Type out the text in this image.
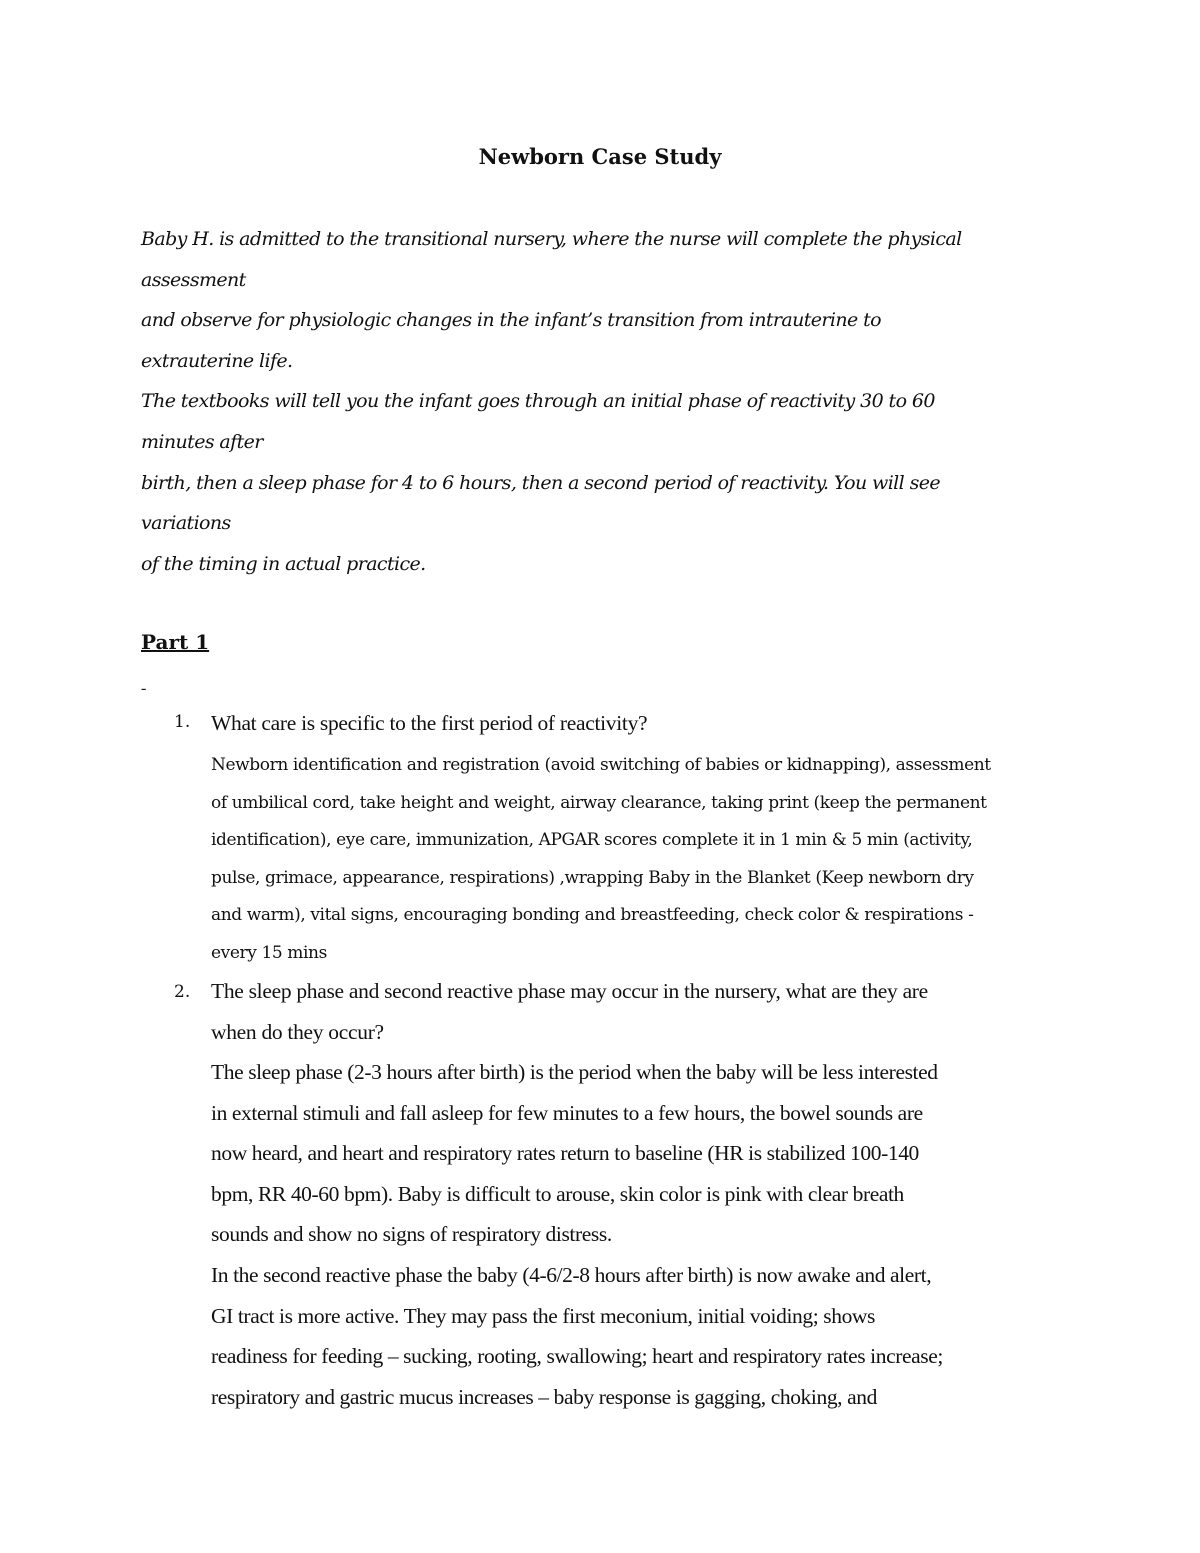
Newborn Case Study

Baby H. is admitted to the transitional nursery, where the nurse will complete the physical

assessment

and observe for physiologic changes in the infant’s transition from intrauterine to

extrauterine life.

The textbooks will tell you the infant goes through an initial phase of reactivity 30 to 60

minutes after

birth, then a sleep phase for 4 to 6 hours, then a second period of reactivity. You will see

variations

of the timing in actual practice.

Part 1
-
1. What care is specific to the first period of reactivity?
Newborn identification and registration (avoid switching of babies or kidnapping), assessment
of umbilical cord, take height and weight, airway clearance, taking print (keep the permanent
identification), eye care, immunization, APGAR scores complete it in 1 min & 5 min (activity,
pulse, grimace, appearance, respirations) ,wrapping Baby in the Blanket (Keep newborn dry
and warm), vital signs, encouraging bonding and breastfeeding, check color & respirations -
every 15 mins
2. The sleep phase and second reactive phase may occur in the nursery, what are they are
when do they occur?
The sleep phase (2-3 hours after birth) is the period when the baby will be less interested
in external stimuli and fall asleep for few minutes to a few hours, the bowel sounds are
now heard, and heart and respiratory rates return to baseline (HR is stabilized 100-140
bpm, RR 40-60 bpm). Baby is difficult to arouse, skin color is pink with clear breath
sounds and show no signs of respiratory distress.
In the second reactive phase the baby (4-6/2-8 hours after birth) is now awake and alert,
GI tract is more active. They may pass the first meconium, initial voiding; shows
readiness for feeding – sucking, rooting, swallowing; heart and respiratory rates increase;
respiratory and gastric mucus increases – baby response is gagging, choking, and
